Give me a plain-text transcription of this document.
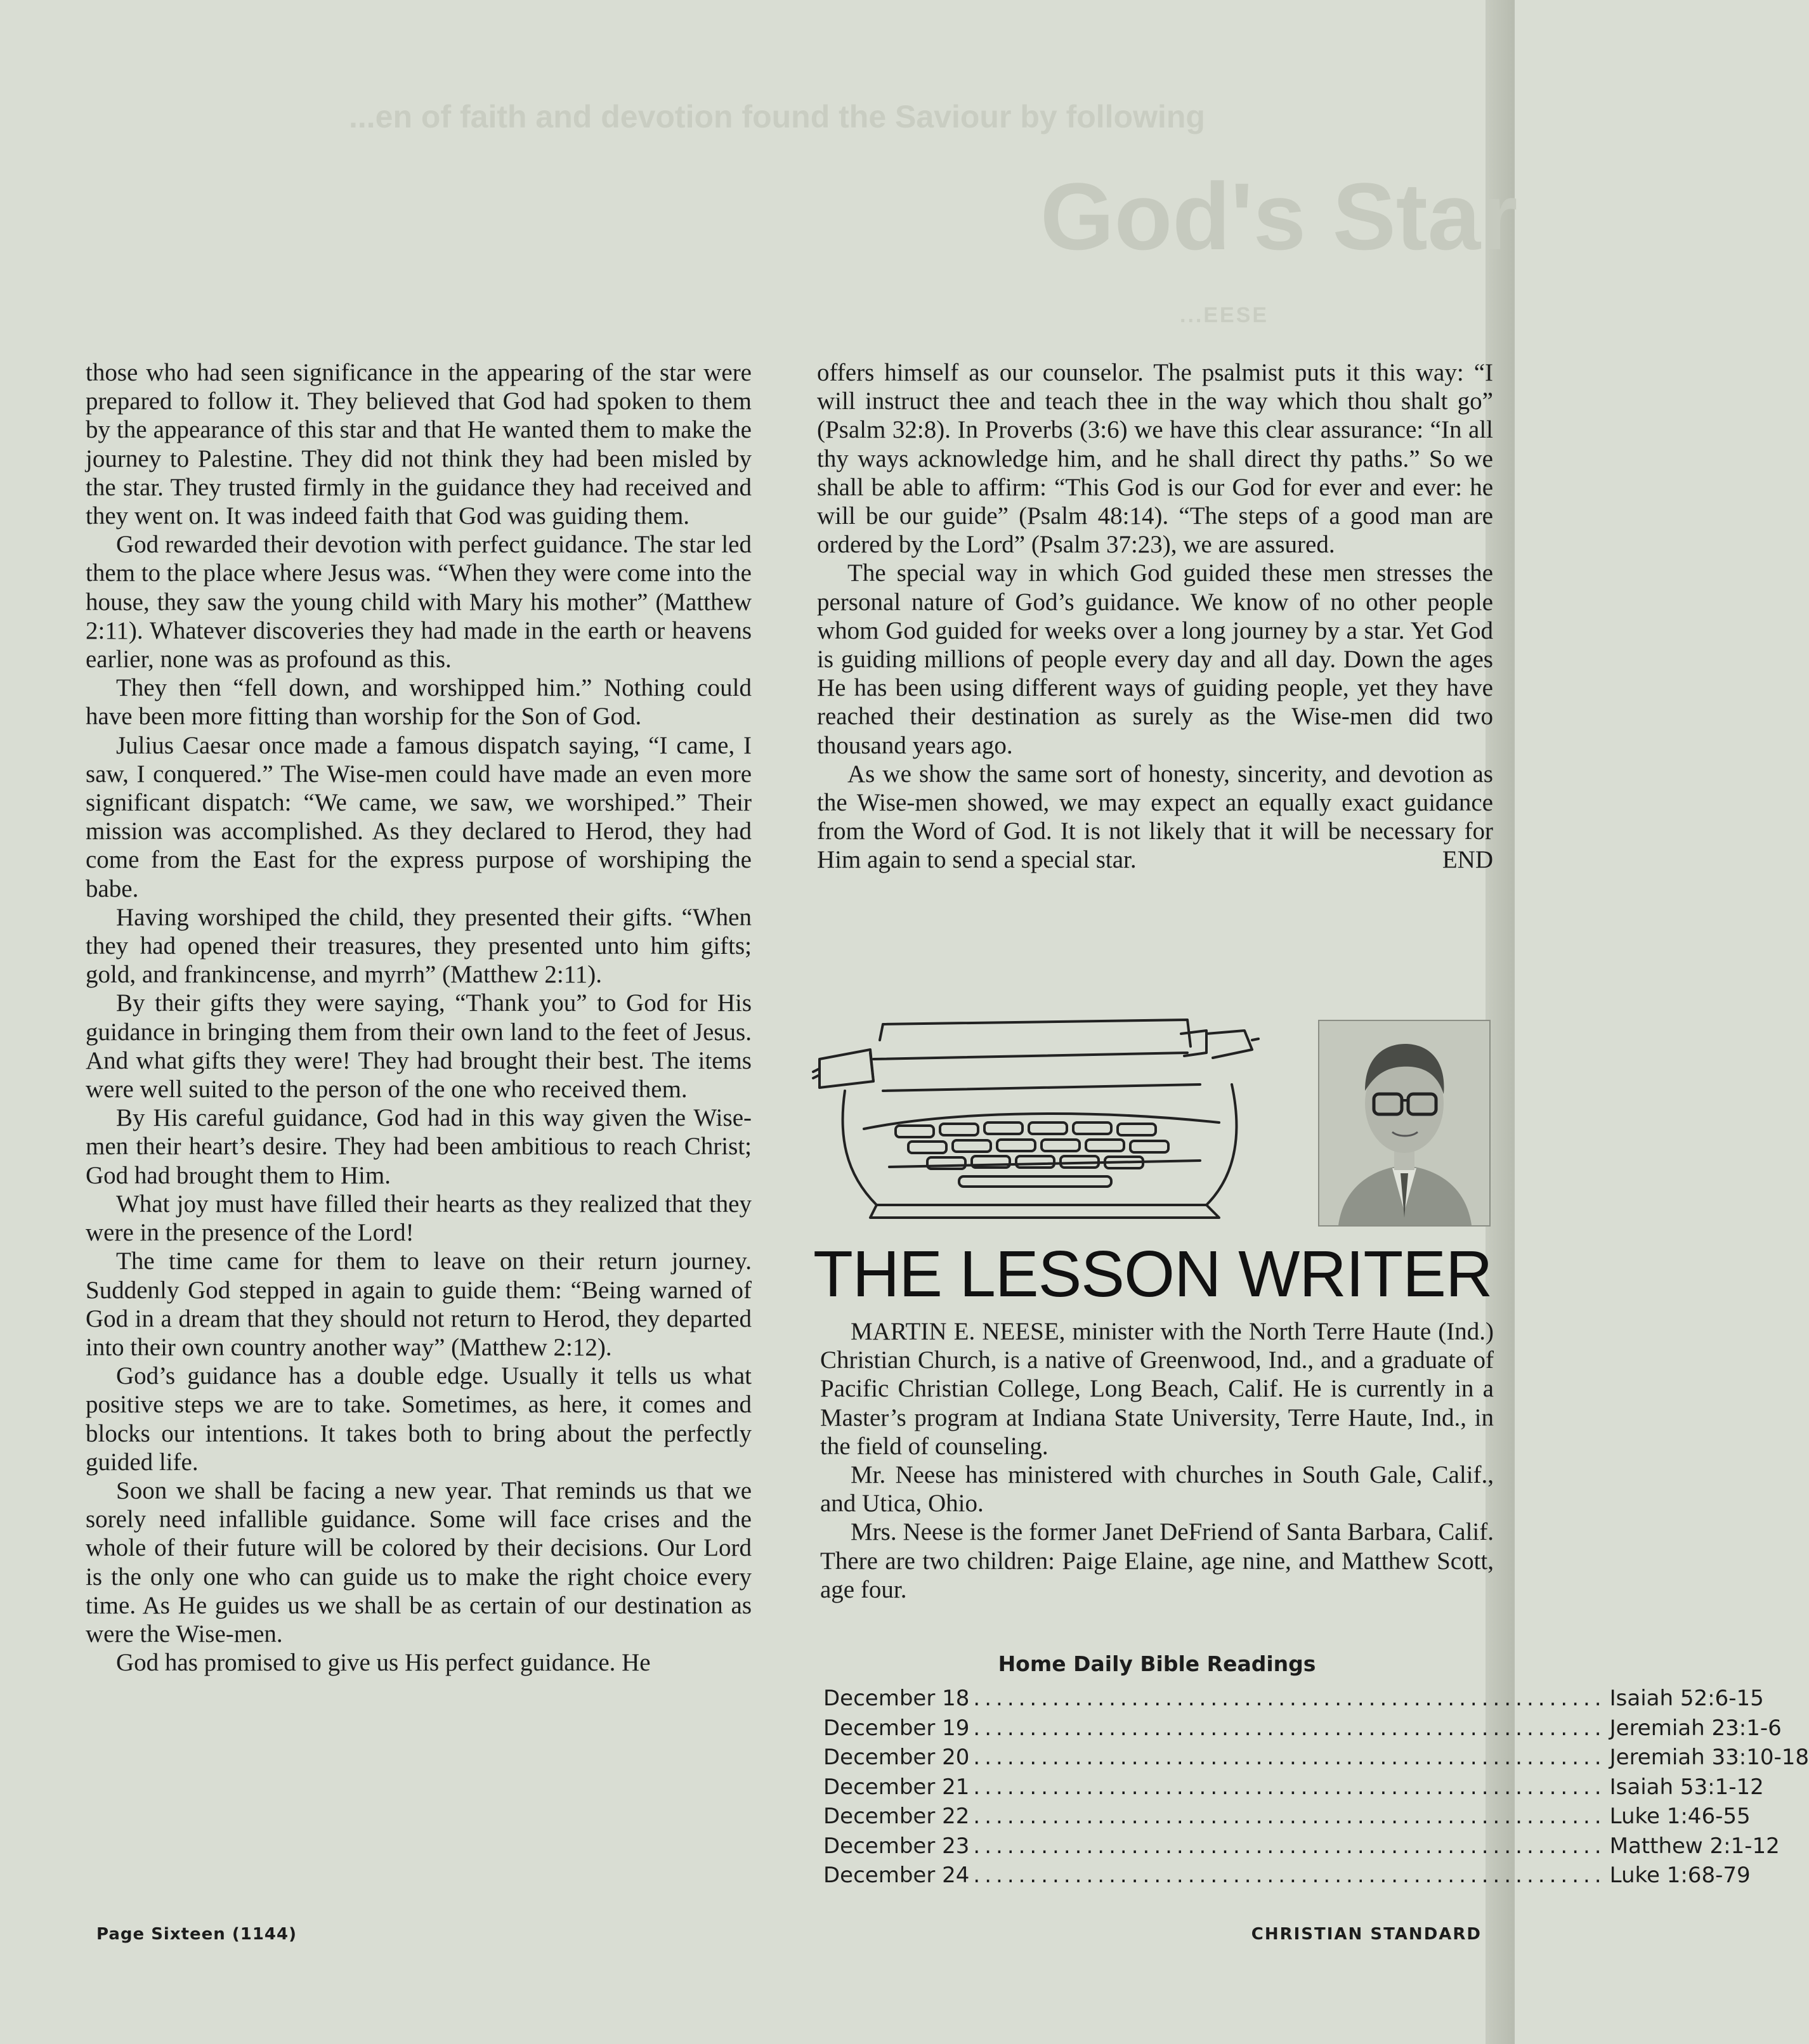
...en of faith and devotion found the Saviour by following
God's Star
...EESE

those who had seen significance in the appearing of the star were prepared to follow it. They believed that God had spoken to them by the appearance of this star and that He wanted them to make the journey to Palestine. They did not think they had been misled by the star. They trusted firmly in the guidance they had received and they went on. It was indeed faith that God was guiding them.

God rewarded their devotion with perfect guidance. The star led them to the place where Jesus was. “When they were come into the house, they saw the young child with Mary his mother” (Matthew 2:11). Whatever discoveries they had made in the earth or heavens earlier, none was as profound as this.

They then “fell down, and worshipped him.” Nothing could have been more fitting than worship for the Son of God.

Julius Caesar once made a famous dispatch saying, “I came, I saw, I conquered.” The Wise-men could have made an even more significant dispatch: “We came, we saw, we worshiped.” Their mission was accomplished. As they declared to Herod, they had come from the East for the express purpose of worshiping the babe.

Having worshiped the child, they presented their gifts. “When they had opened their treasures, they presented unto him gifts; gold, and frankincense, and myrrh” (Matthew 2:11).

By their gifts they were saying, “Thank you” to God for His guidance in bringing them from their own land to the feet of Jesus. And what gifts they were! They had brought their best. The items were well suited to the person of the one who received them.

By His careful guidance, God had in this way given the Wise-men their heart’s desire. They had been ambitious to reach Christ; God had brought them to Him.

What joy must have filled their hearts as they realized that they were in the presence of the Lord!

The time came for them to leave on their return journey. Suddenly God stepped in again to guide them: “Being warned of God in a dream that they should not return to Herod, they departed into their own country another way” (Matthew 2:12).

God’s guidance has a double edge. Usually it tells us what positive steps we are to take. Sometimes, as here, it comes and blocks our intentions. It takes both to bring about the perfectly guided life.

Soon we shall be facing a new year. That reminds us that we sorely need infallible guidance. Some will face crises and the whole of their future will be colored by their decisions. Our Lord is the only one who can guide us to make the right choice every time. As He guides us we shall be as certain of our destination as were the Wise-men.

God has promised to give us His perfect guidance. He

offers himself as our counselor. The psalmist puts it this way: “I will instruct thee and teach thee in the way which thou shalt go” (Psalm 32:8). In Proverbs (3:6) we have this clear assurance: “In all thy ways acknowledge him, and he shall direct thy paths.” So we shall be able to affirm: “This God is our God for ever and ever: he will be our guide” (Psalm 48:14). “The steps of a good man are ordered by the Lord” (Psalm 37:23), we are assured.

The special way in which God guided these men stresses the personal nature of God’s guidance. We know of no other people whom God guided for weeks over a long journey by a star. Yet God is guiding millions of people every day and all day. Down the ages He has been using different ways of guiding people, yet they have reached their destination as surely as the Wise-men did two thousand years ago.

As we show the same sort of honesty, sincerity, and devotion as the Wise-men showed, we may expect an equally exact guidance from the Word of God. It is not likely that it will be necessary for Him again to send a special star.	END

THE LESSON WRITER

MARTIN E. NEESE, minister with the North Terre Haute (Ind.) Christian Church, is a native of Greenwood, Ind., and a graduate of Pacific Christian College, Long Beach, Calif. He is currently in a Master’s program at Indiana State University, Terre Haute, Ind., in the field of counseling.

Mr. Neese has ministered with churches in South Gale, Calif., and Utica, Ohio.

Mrs. Neese is the former Janet DeFriend of Santa Barbara, Calif. There are two children: Paige Elaine, age nine, and Matthew Scott, age four.

Home Daily Bible Readings
December 18 ........................................................ Isaiah 52:6-15
December 19 ........................................................ Jeremiah 23:1-6
December 20 ........................................................ Jeremiah 33:10-18
December 21 ........................................................ Isaiah 53:1-12
December 22 ........................................................ Luke 1:46-55
December 23 ........................................................ Matthew 2:1-12
December 24 ........................................................ Luke 1:68-79
Page Sixteen (1144)	CHRISTIAN STANDARD
